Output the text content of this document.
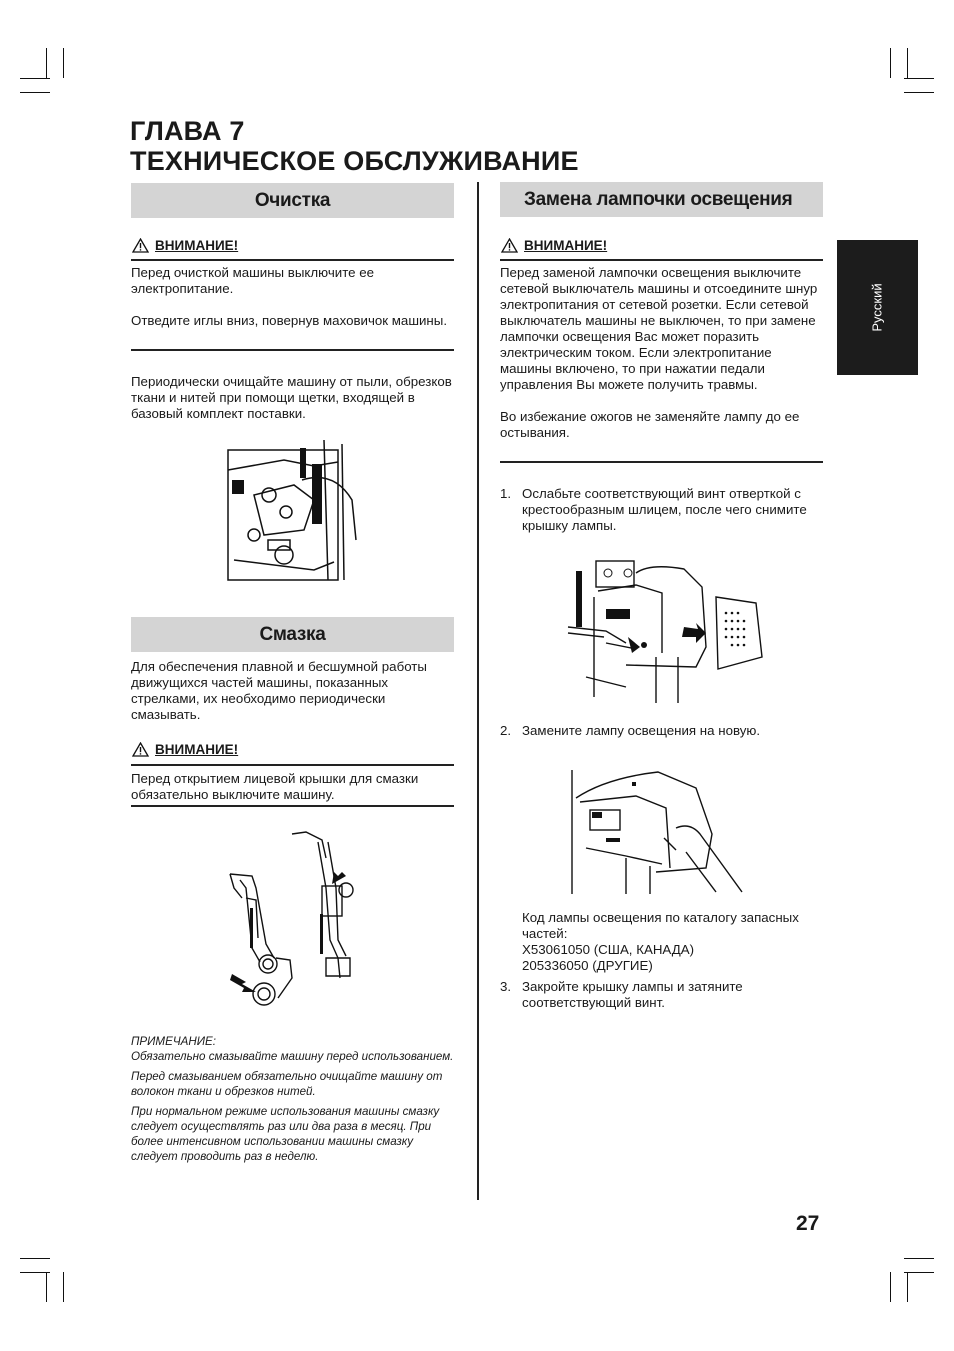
ГЛАВА 7
ТЕХНИЧЕСКОЕ ОБСЛУЖИВАНИЕ
Русский
Очистка
ВНИМАНИЕ!

Перед очисткой машины выключите ее электропитание.

Отведите иглы вниз, повернув маховичок машины.

Периодически очищайте машину от пыли, обрезков ткани и нитей при помощи щетки, входящей в базовый комплект поставки.
Смазка
Для обеспечения плавной и бесшумной работы движущихся частей машины, показанных стрелками, их необходимо периодически смазывать.
ВНИМАНИЕ!
Перед открытием лицевой крышки для смазки обязательно выключите машину.

ПРИМЕЧАНИЕ:

Обязательно смазывайте машину перед использованием.

Перед смазыванием обязательно очищайте машину от волокон ткани и обрезков нитей.

При нормальном режиме использования машины смазку следует осуществлять раз или два раза в месяц. При более интенсивном использовании машины смазку следует проводить раз в неделю.

Замена лампочки освещения
ВНИМАНИЕ!

Перед заменой лампочки освещения выключите сетевой выключатель машины и отсоедините шнур электропитания от сетевой розетки. Если сетевой выключатель машины не выключен, то при замене лампочки освещения Вас может поразить электрическим током. Если электропитание машины включено, то при нажатии педали управления Вы можете получить травмы.

Во избежание ожогов не заменяйте лампу до ее остывания.

1. Ослабьте соответствующий винт отверткой с крестообразным шлицем, после чего снимите крышку лампы.
2. Замените лампу освещения на новую.

Код лампы освещения по каталогу запасных частей:

X53061050 (США, КАНАДА)

205336050 (ДРУГИЕ)

3. Закройте крышку лампы и затяните соответствующий винт.
27
